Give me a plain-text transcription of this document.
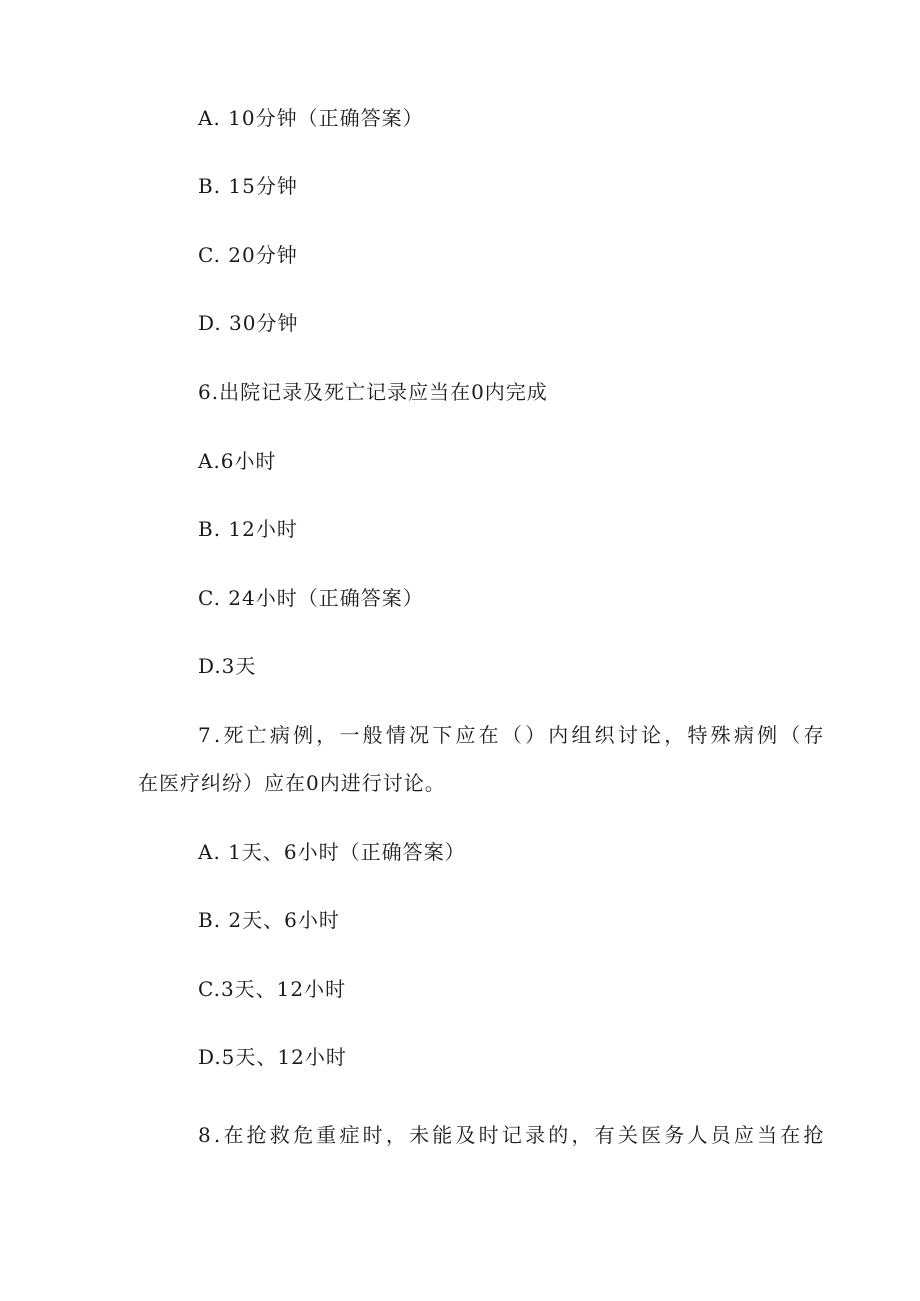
A. 10分钟（正确答案）
B. 15分钟
C. 20分钟
D. 30分钟
6.出院记录及死亡记录应当在0内完成
A.6小时
B. 12小时
C. 24小时（正确答案）
D.3天
7.死亡病例，一般情况下应在（）内组织讨论，特殊病例（存
在医疗纠纷）应在0内进行讨论。
A. 1天、6小时（正确答案）
B. 2天、6小时
C.3天、12小时
D.5天、12小时
8.在抢救危重症时，未能及时记录的，有关医务人员应当在抢
